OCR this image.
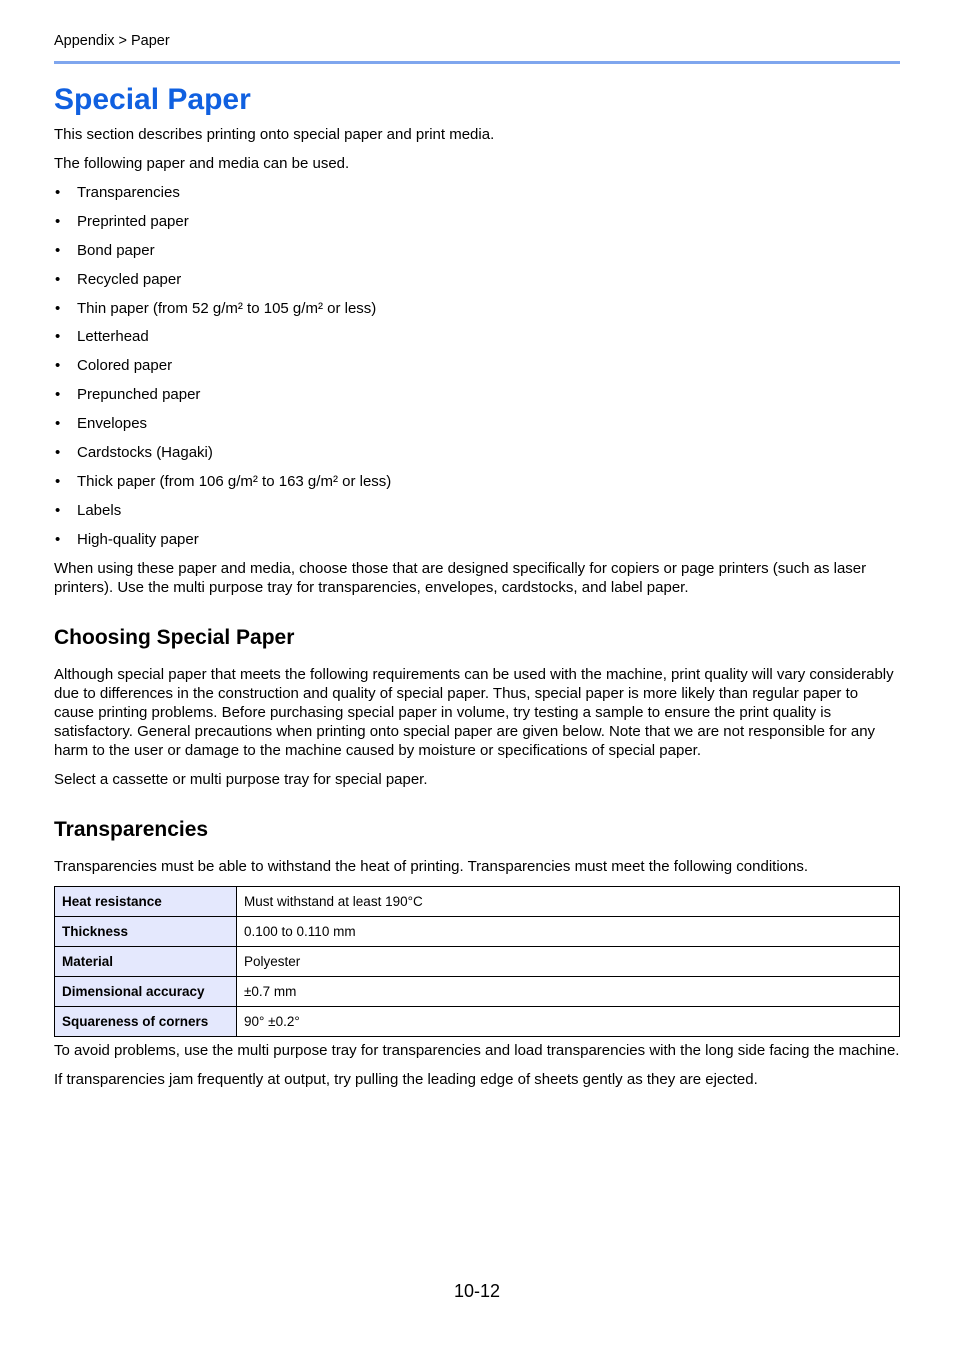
Appendix > Paper
Special Paper

This section describes printing onto special paper and print media.

The following paper and media can be used.

• Transparencies
• Preprinted paper
• Bond paper
• Recycled paper
• Thin paper (from 52 g/m² to 105 g/m² or less)
• Letterhead
• Colored paper
• Prepunched paper
• Envelopes
• Cardstocks (Hagaki)
• Thick paper (from 106 g/m² to 163 g/m² or less)
• Labels
• High-quality paper

When using these paper and media, choose those that are designed specifically for copiers or page printers (such as laser printers). Use the multi purpose tray for transparencies, envelopes, cardstocks, and label paper.

Choosing Special Paper

Although special paper that meets the following requirements can be used with the machine, print quality will vary considerably due to differences in the construction and quality of special paper. Thus, special paper is more likely than regular paper to cause printing problems. Before purchasing special paper in volume, try testing a sample to ensure the print quality is satisfactory. General precautions when printing onto special paper are given below. Note that we are not responsible for any harm to the user or damage to the machine caused by moisture or specifications of special paper.

Select a cassette or multi purpose tray for special paper.

Transparencies

Transparencies must be able to withstand the heat of printing. Transparencies must meet the following conditions.

Heat resistance	Must withstand at least 190°C
Thickness	0.100 to 0.110 mm
Material	Polyester
Dimensional accuracy	±0.7 mm
Squareness of corners	90° ±0.2°

To avoid problems, use the multi purpose tray for transparencies and load transparencies with the long side facing the machine.

If transparencies jam frequently at output, try pulling the leading edge of sheets gently as they are ejected.

10-12
